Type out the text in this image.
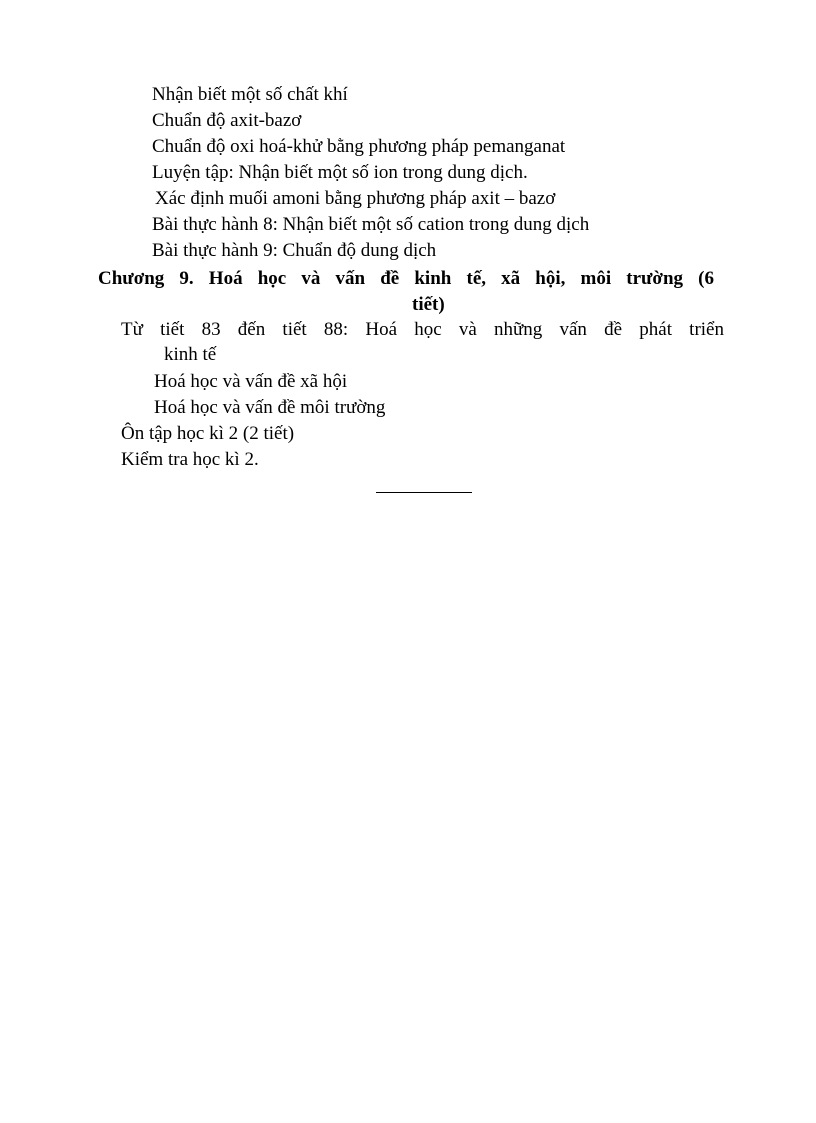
Nhận biết một số chất khí
Chuẩn độ axit-bazơ
Chuẩn độ oxi hoá-khử bằng phương pháp pemanganat
Luyện tập: Nhận biết một số ion trong dung dịch.
Xác định muối amoni bằng phương pháp axit – bazơ
Bài thực hành 8: Nhận biết một số cation trong dung dịch
Bài thực hành 9: Chuẩn độ dung dịch
Chương 9. Hoá học và vấn đề kinh tế, xã hội, môi trường (6
tiết)
Từ tiết 83 đến tiết 88: Hoá học và những vấn đề phát triển
kinh tế
Hoá học và vấn đề xã hội
Hoá học và vấn đề môi trường
Ôn tập học kì 2 (2 tiết)
Kiểm tra học kì 2.
